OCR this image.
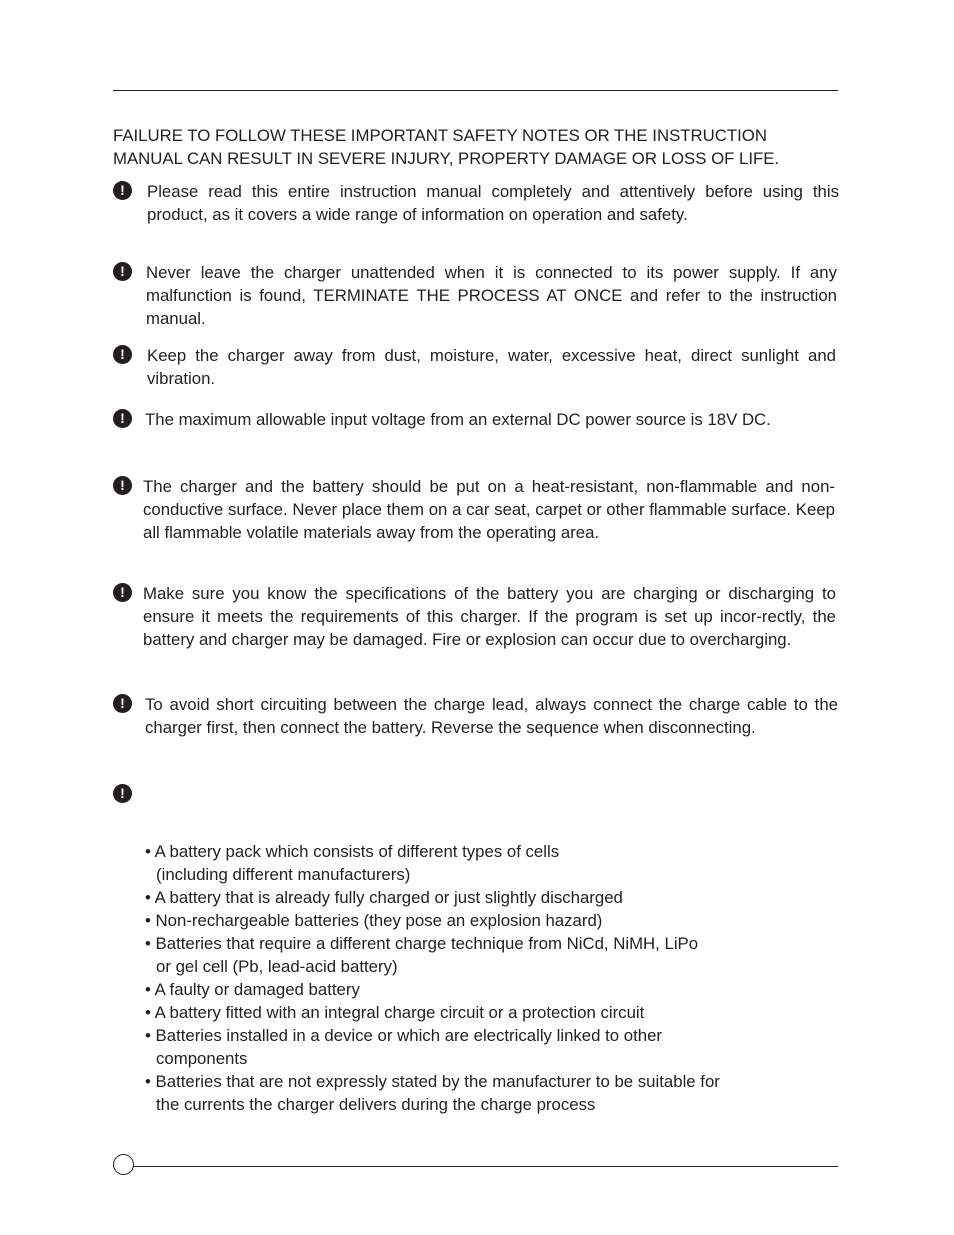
FAILURE TO FOLLOW THESE IMPORTANT SAFETY NOTES OR THE INSTRUCTION MANUAL CAN RESULT IN SEVERE INJURY, PROPERTY DAMAGE OR LOSS OF LIFE.

!	Please read this entire instruction manual completely and attentively before using this product, as it covers a wide range of information on operation and safety.

!	Never leave the charger unattended when it is connected to its power supply. If any malfunction is found, TERMINATE THE PROCESS AT ONCE and refer to the instruction manual.

!	Keep the charger away from dust, moisture, water, excessive heat, direct sunlight and vibration.

!	The maximum allowable input voltage from an external DC power source is 18V DC.

!	The charger and the battery should be put on a heat-resistant, non-flammable and non-conductive surface. Never place them on a car seat, carpet or other flammable surface. Keep all flammable volatile materials away from the operating area.

!	Make sure you know the specifications of the battery you are charging or discharging to ensure it meets the requirements of this charger. If the program is set up incor-rectly, the battery and charger may be damaged. Fire or explosion can occur due to overcharging.

!	To avoid short circuiting between the charge lead, always connect the charge cable to the charger first, then connect the battery. Reverse the sequence when disconnecting.

!

• A battery pack which consists of different types of cells
(including different manufacturers)
• A battery that is already fully charged or just slightly discharged
• Non-rechargeable batteries (they pose an explosion hazard)
• Batteries that require a different charge technique from NiCd, NiMH, LiPo
or gel cell (Pb, lead-acid battery)
• A faulty or damaged battery
• A battery fitted with an integral charge circuit or a protection circuit
• Batteries installed in a device or which are electrically linked to other
components
• Batteries that are not expressly stated by the manufacturer to be suitable for
the currents the charger delivers during the charge process
